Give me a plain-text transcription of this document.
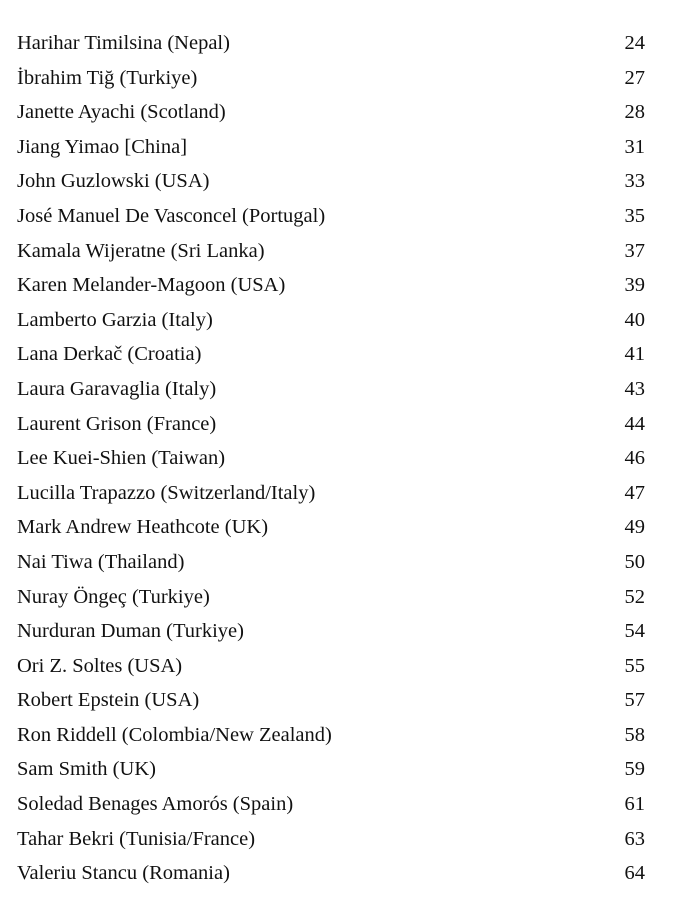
Harihar Timilsina (Nepal)	24
İbrahim Tiğ (Turkiye)	27
Janette Ayachi (Scotland)	28
Jiang Yimao [China]	31
John Guzlowski (USA)	33
José Manuel De Vasconcel (Portugal)	35
Kamala Wijeratne (Sri Lanka)	37
Karen Melander-Magoon (USA)	39
Lamberto Garzia (Italy)	40
Lana Derkač (Croatia)	41
Laura Garavaglia (Italy)	43
Laurent Grison (France)	44
Lee Kuei-Shien (Taiwan)	46
Lucilla Trapazzo (Switzerland/Italy)	47
Mark Andrew Heathcote (UK)	49
Nai Tiwa (Thailand)	50
Nuray Öngeç (Turkiye)	52
Nurduran Duman (Turkiye)	54
Ori Z. Soltes (USA)	55
Robert Epstein (USA)	57
Ron Riddell (Colombia/New Zealand)	58
Sam Smith (UK)	59
Soledad Benages Amorós (Spain)	61
Tahar Bekri (Tunisia/France)	63
Valeriu Stancu (Romania)	64
